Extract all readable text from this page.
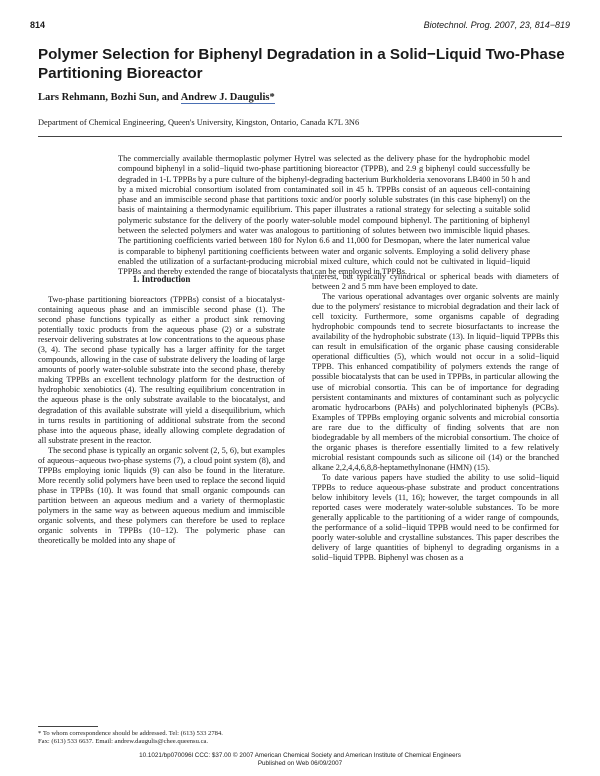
814	Biotechnol. Prog. 2007, 23, 814−819
Polymer Selection for Biphenyl Degradation in a Solid−Liquid Two-Phase Partitioning Bioreactor
Lars Rehmann, Bozhi Sun, and Andrew J. Daugulis*
Department of Chemical Engineering, Queen's University, Kingston, Ontario, Canada K7L 3N6
The commercially available thermoplastic polymer Hytrel was selected as the delivery phase for the hydrophobic model compound biphenyl in a solid−liquid two-phase partitioning bioreactor (TPPB), and 2.9 g biphenyl could successfully be degraded in 1-L TPPBs by a pure culture of the biphenyl-degrading bacterium Burkholderia xenovorans LB400 in 50 h and by a mixed microbial consortium isolated from contaminated soil in 45 h. TPPBs consist of an aqueous cell-containing phase and an immiscible second phase that partitions toxic and/or poorly soluble substrates (in this case biphenyl) on the basis of maintaining a thermodynamic equilibrium. This paper illustrates a rational strategy for selecting a suitable solid polymeric substance for the delivery of the poorly water-soluble model compound biphenyl. The partitioning of biphenyl between the selected polymers and water was analogous to partitioning of solutes between two immiscible liquid phases. The partitioning coefficients varied between 180 for Nylon 6.6 and 11,000 for Desmopan, where the later numerical value is comparable to biphenyl partitioning coefficients between water and organic solvents. Employing a solid delivery phase enabled the utilization of a surfactant-producing microbial mixed culture, which could not be cultivated in liquid−liquid TPPBs and thereby extended the range of biocatalysts that can be employed in TPPBs.
1. Introduction

Two-phase partitioning bioreactors (TPPBs) consist of a biocatalyst-containing aqueous phase and an immiscible second phase (1). The second phase functions typically as either a product sink removing potentially toxic products from the aqueous phase (2) or a substrate reservoir delivering substrates at low concentrations to the aqueous phase (3, 4). The second phase typically has a larger affinity for the target compounds, allowing in the case of substrate delivery the loading of large amounts of poorly water-soluble substrate into the second phase, thereby making TPPBs an excellent technology platform for the destruction of hydrophobic xenobiotics (4). The resulting equilibrium concentration in the aqueous phase is the only substrate available to the biocatalyst, and degradation of this available substrate will yield a disequilibrium, which in turns results in partitioning of additional substrate from the second phase into the aqueous phase, ideally allowing complete degradation of all substrate present in the reactor.

The second phase is typically an organic solvent (2, 5, 6), but examples of aqueous−aqueous two-phase systems (7), a cloud point system (8), and TPPBs employing ionic liquids (9) can also be found in the literature. More recently solid polymers have been used to replace the second liquid phase in TPPBs (10). It was found that small organic compounds can partition between an aqueous medium and a variety of thermoplastic polymers in the same way as between aqueous medium and immiscible organic solvents, and these polymers can therefore be used to replace organic solvents in TPPBs (10−12). The polymeric phase can theoretically be molded into any shape of

interest, but typically cylindrical or spherical beads with diameters of between 2 and 5 mm have been employed to date.

The various operational advantages over organic solvents are mainly due to the polymers' resistance to microbial degradation and their lack of cell toxicity. Furthermore, some organisms capable of degrading hydrophobic compounds tend to secrete biosurfactants to increase the availability of the hydrophobic substrate (13). In liquid−liquid TPPBs this can result in emulsification of the organic phase causing considerable operational difficulties (5), which would not occur in a solid−liquid TPPB. This enhanced compatibility of polymers extends the range of possible biocatalysts that can be used in TPPBs, in particular allowing the use of microbial consortia. This can be of importance for degrading persistent contaminants and mixtures of contaminant such as polycyclic aromatic hydrocarbons (PAHs) and polychlorinated biphenyls (PCBs). Examples of TPPBs employing organic solvents and microbial consortia are rare due to the difficulty of finding solvents that are non biodegradable by all members of the microbial consortium. The choice of the organic phases is therefore essentially limited to a few relatively microbial resistant compounds such as silicone oil (14) or the branched alkane 2,2,4,4,6,8,8-heptamethylnonane (HMN) (15).

To date various papers have studied the ability to use solid−liquid TPPBs to reduce aqueous-phase substrate and product concentrations below inhibitory levels (11, 16); however, the target compounds in all reported cases were moderately water-soluble substances. To be more generally applicable to the partitioning of a wider range of compounds, the performance of a solid−liquid TPPB would need to be confirmed for poorly water-soluble and crystalline substances. This paper describes the delivery of large quantities of biphenyl to degrading organisms in a solid−liquid TPPB. Biphenyl was chosen as a

* To whom correspondence should be addressed. Tel: (613) 533 2784.
Fax: (613) 533 6637. Email: andrew.daugulis@chee.queensu.ca.
10.1021/bp070096l CCC: $37.00 © 2007 American Chemical Society and American Institute of Chemical Engineers
Published on Web 06/09/2007
